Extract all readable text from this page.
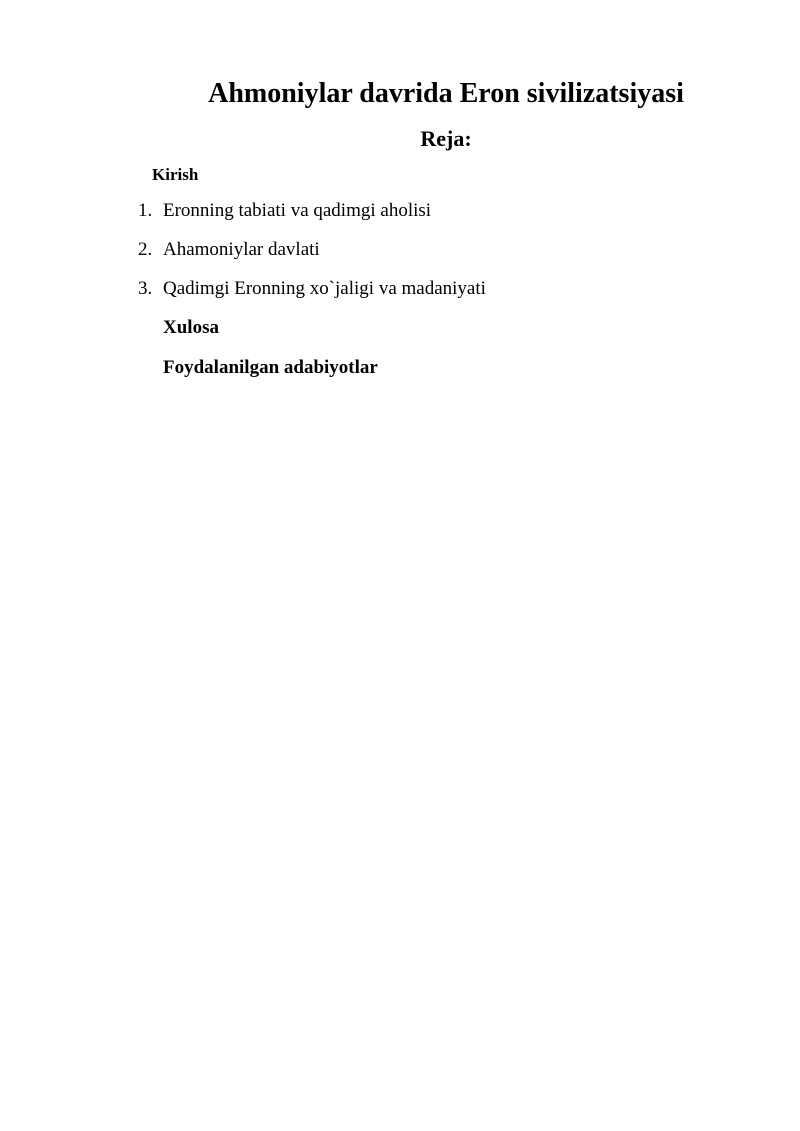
Ahmoniylar davrida Eron sivilizatsiyasi
Reja:
Kirish
1. Eronning tabiati va qadimgi aholisi
2. Ahamoniylar davlati
3. Qadimgi Eronning xo`jaligi va madaniyati
Xulosa
Foydalanilgan adabiyotlar
